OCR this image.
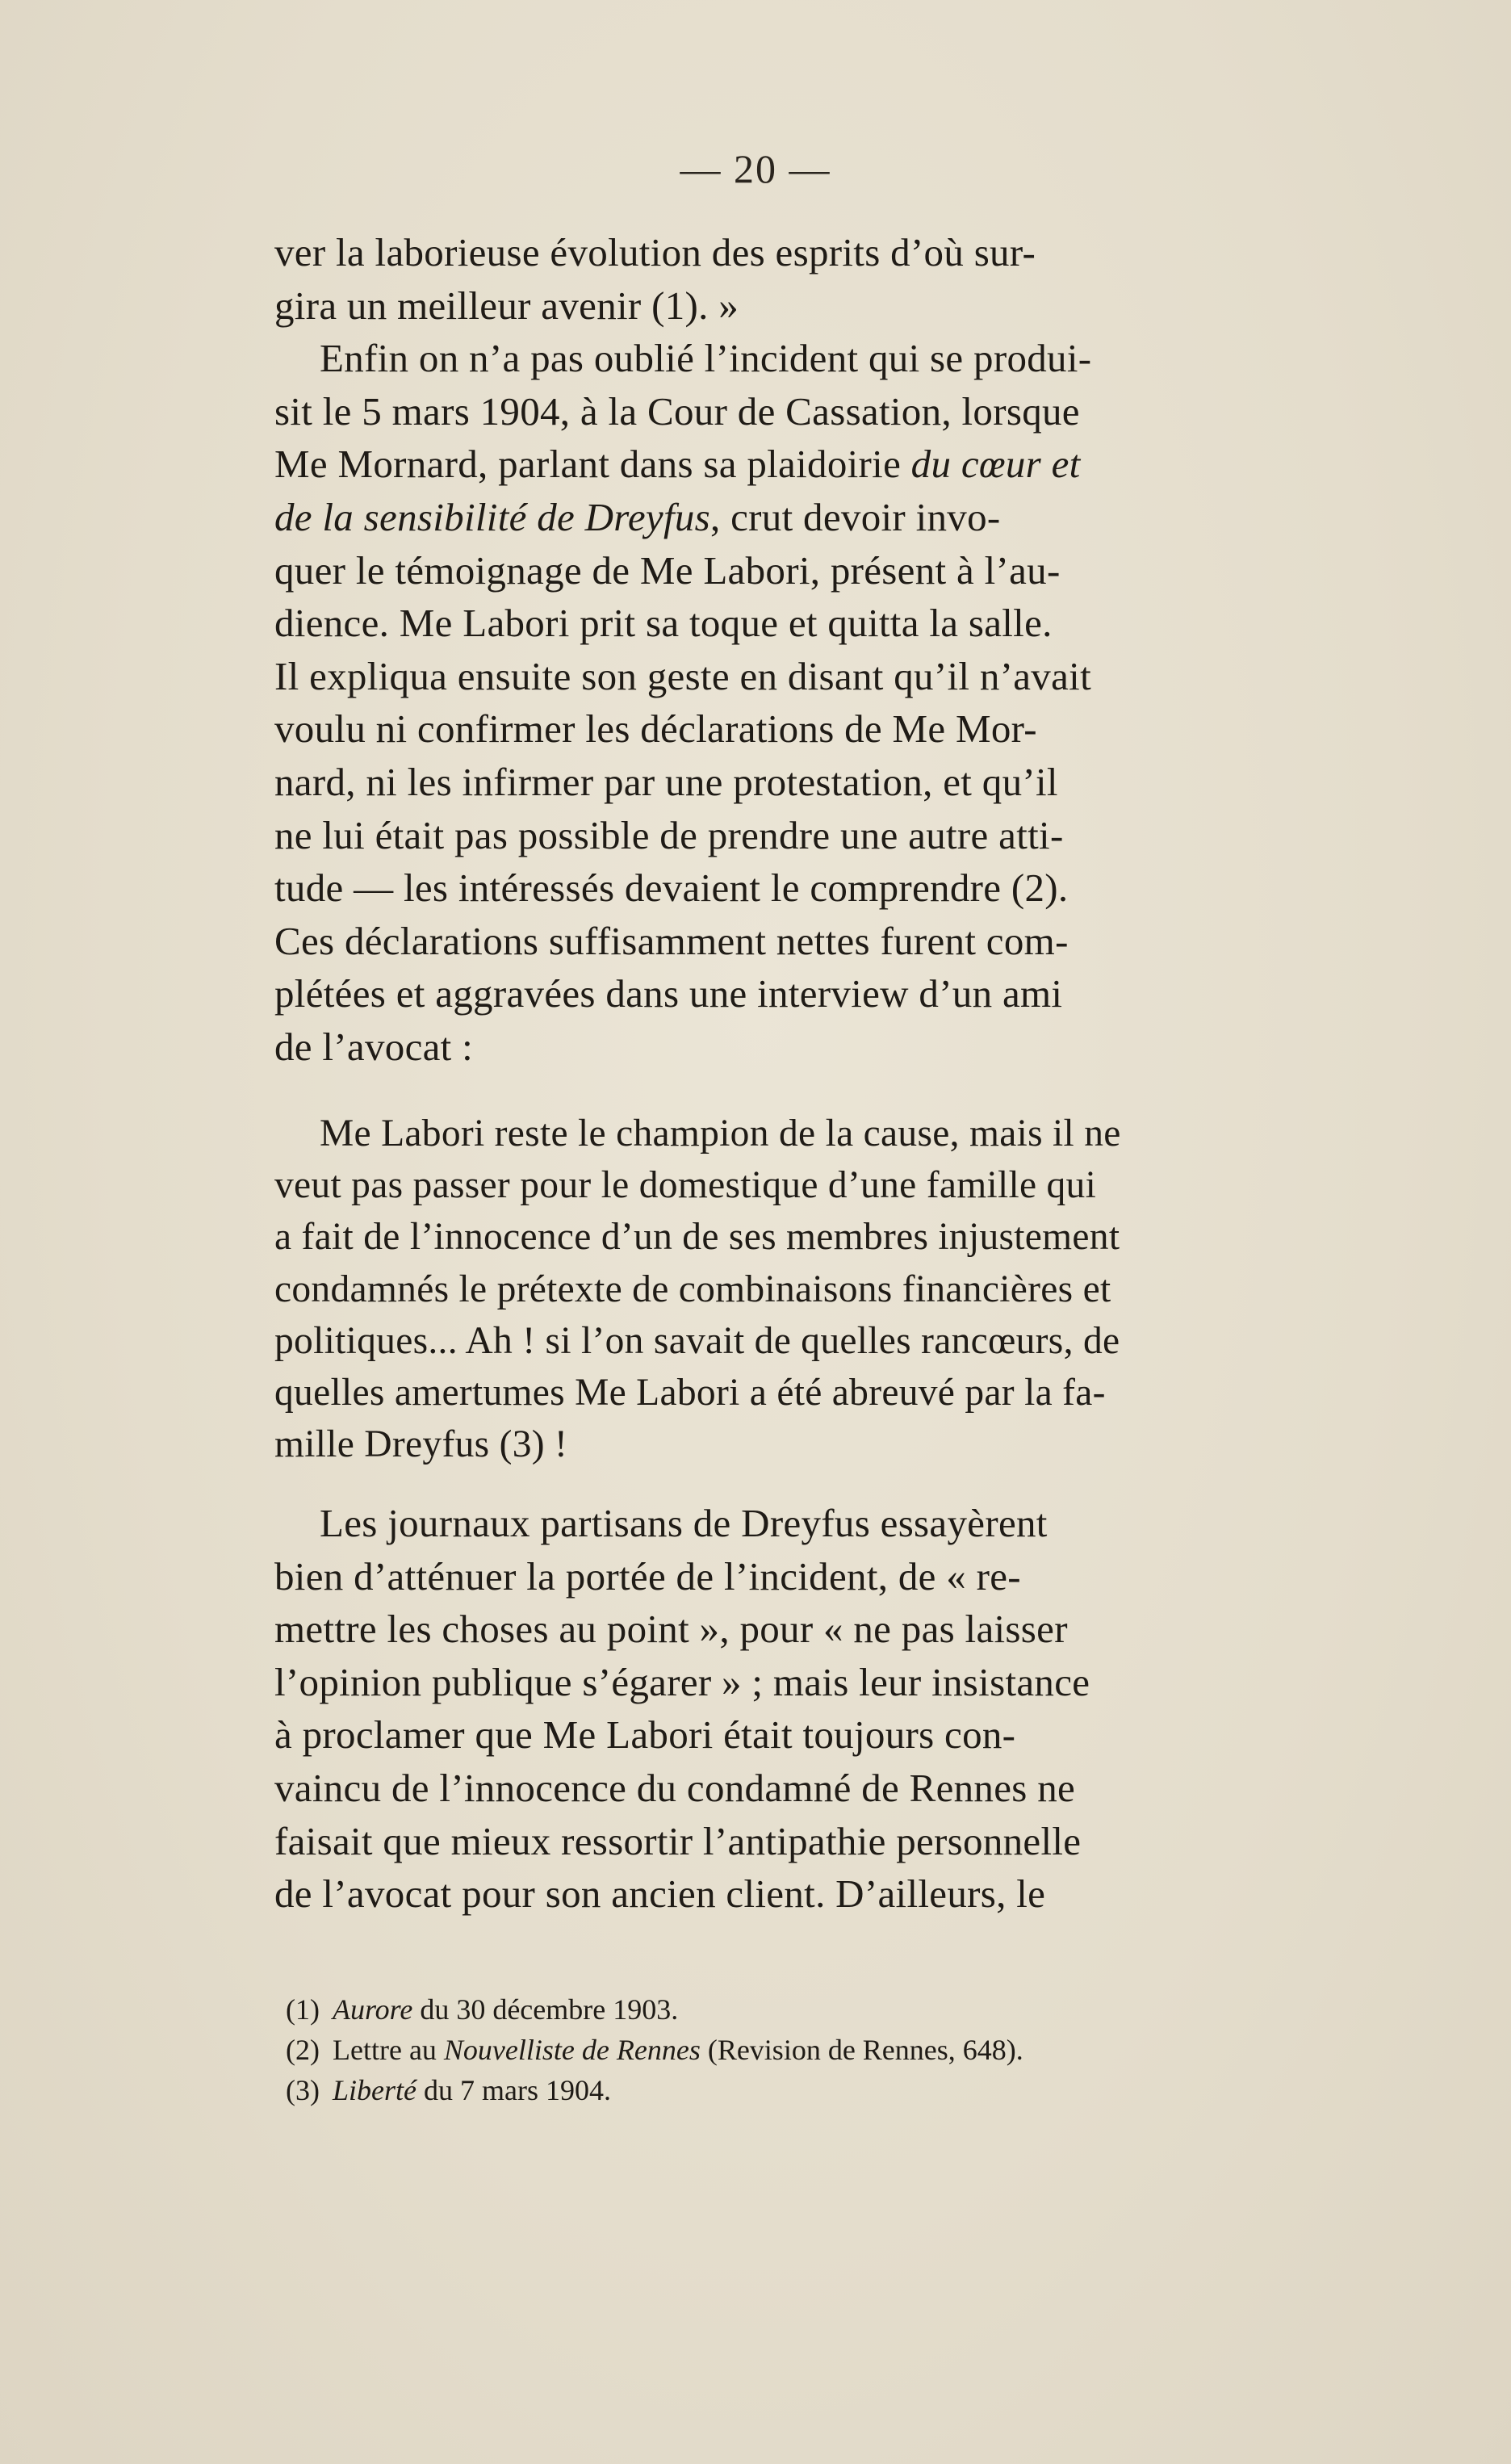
— 20 —

ver la laborieuse évolution des esprits d’où sur-
gira un meilleur avenir (1). »
Enfin on n’a pas oublié l’incident qui se produi-
sit le 5 mars 1904, à la Cour de Cassation, lorsque
Me Mornard, parlant dans sa plaidoirie du cœur et
de la sensibilité de Dreyfus, crut devoir invo-
quer le témoignage de Me Labori, présent à l’au-
dience. Me Labori prit sa toque et quitta la salle.
Il expliqua ensuite son geste en disant qu’il n’avait
voulu ni confirmer les déclarations de Me Mor-
nard, ni les infirmer par une protestation, et qu’il
ne lui était pas possible de prendre une autre atti-
tude — les intéressés devaient le comprendre (2).
Ces déclarations suffisamment nettes furent com-
plétées et aggravées dans une interview d’un ami
de l’avocat :

Me Labori reste le champion de la cause, mais il ne
veut pas passer pour le domestique d’une famille qui
a fait de l’innocence d’un de ses membres injustement
condamnés le prétexte de combinaisons financières et
politiques... Ah ! si l’on savait de quelles rancœurs, de
quelles amertumes Me Labori a été abreuvé par la fa-
mille Dreyfus (3) !

Les journaux partisans de Dreyfus essayèrent
bien d’atténuer la portée de l’incident, de « re-
mettre les choses au point », pour « ne pas laisser
l’opinion publique s’égarer » ; mais leur insistance
à proclamer que Me Labori était toujours con-
vaincu de l’innocence du condamné de Rennes ne
faisait que mieux ressortir l’antipathie personnelle
de l’avocat pour son ancien client. D’ailleurs, le

(1) Aurore du 30 décembre 1903.
(2) Lettre au Nouvelliste de Rennes (Revision de Rennes, 648).
(3) Liberté du 7 mars 1904.
